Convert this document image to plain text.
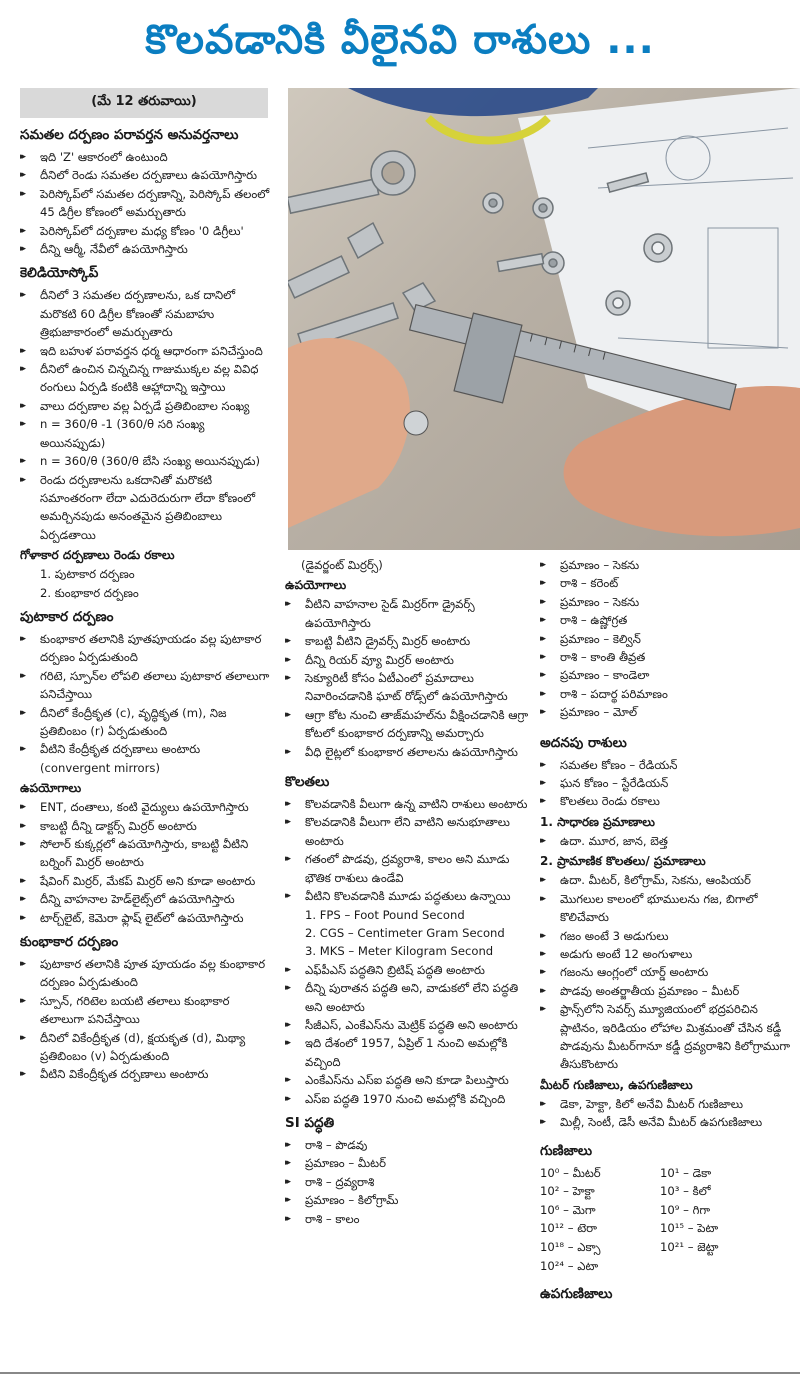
కొలవడానికి వీలైనవి రాశులు ...
(మే 12 తరువాయి)
సమతల దర్పణం పరావర్తన అనువర్తనాలు
▸▸ ఇది 'Z' ఆకారంలో ఉంటుంది
▸▸ దీనిలో రెండు సమతల దర్పణాలు ఉపయోగిస్తారు
▸▸ పెరిస్కోప్‌లో సమతల దర్పణాన్ని, పెరిస్కోప్ తలంలో 45 డిగ్రీల కోణంలో అమర్చుతారు
▸▸ పెరిస్కోప్‌లో దర్పణాల మధ్య కోణం '0 డిగ్రీలు'
▸▸ దీన్ని ఆర్మీ, నేవీలో ఉపయోగిస్తారు
కెలిడియోస్కోప్
▸▸ దీనిలో 3 సమతల దర్పణాలను, ఒక దానిలో మరొకటి 60 డిగ్రీల కోణంతో సమబాహు త్రిభుజాకారంలో అమర్చుతారు
▸▸ ఇది బహుళ పరావర్తన ధర్మ ఆధారంగా పనిచేస్తుంది
▸▸ దీనిలో ఉంచిన చిన్నచిన్న గాజుముక్కల వల్ల వివిధ రంగులు ఏర్పడి కంటికి ఆహ్లాదాన్ని ఇస్తాయి
▸▸ వాలు దర్పణాల వల్ల ఏర్పడే ప్రతిబింబాల సంఖ్య
▸▸ n = 360/θ -1 (360/θ సరి సంఖ్య అయినప్పుడు)
▸▸ n = 360/θ (360/θ బేసి సంఖ్య అయినప్పుడు)
▸▸ రెండు దర్పణాలను ఒకదానితో మరొకటి సమాంతరంగా లేదా ఎదురెదురుగా లేదా కోణంలో అమర్చినపుడు అనంతమైన ప్రతిబింబాలు ఏర్పడతాయి
గోళాకార దర్పణాలు రెండు రకాలు
1. పుటాకార దర్పణం
2. కుంభాకార దర్పణం
పుటాకార దర్పణం
▸▸ కుంభాకార తలానికి పూతపూయడం వల్ల పుటాకార దర్పణం ఏర్పడుతుంది
▸▸ గరిటె, స్పూన్‌ల లోపలి తలాలు పుటాకార తలాలుగా పనిచేస్తాయి
▸▸ దీనిలో కేంద్రీకృత (c), వృద్ధికృత (m), నిజ ప్రతిబింబం (r) ఏర్పడుతుంది
▸▸ వీటిని కేంద్రీకృత దర్పణాలు అంటారు (convergent mirrors)
ఉపయోగాలు
▸▸ ENT, దంతాలు, కంటి వైద్యులు ఉపయోగిస్తారు
▸▸ కాబట్టి దీన్ని డాక్టర్స్ మిర్రర్ అంటారు
▸▸ సోలార్ కుక్కర్లలో ఉపయోగిస్తారు, కాబట్టి వీటిని బర్నింగ్ మిర్రర్ అంటారు
▸▸ షేవింగ్ మిర్రర్, మేకప్ మిర్రర్ అని కూడా అంటారు
▸▸ దీన్ని వాహనాల హెడ్‌లైట్స్‌లో ఉపయోగిస్తారు
▸▸ టార్చ్‌లైట్, కెమెరా ఫ్లాష్ లైట్‌లో ఉపయోగిస్తారు
కుంభాకార దర్పణం
▸▸ పుటాకార తలానికి పూత పూయడం వల్ల కుంభాకార దర్పణం ఏర్పడుతుంది
▸▸ స్పూన్, గరిటెల బయటి తలాలు కుంభాకార తలాలుగా పనిచేస్తాయి
▸▸ దీనిలో వికేంద్రీకృత (d), క్షయకృత (d), మిథ్యా ప్రతిబింబం (v) ఏర్పడుతుంది
▸▸ వీటిని వికేంద్రీకృత దర్పణాలు అంటారు
(డైవర్జంట్ మిర్రర్స్)
ఉపయోగాలు
▸▸ వీటిని వాహనాల సైడ్ మిర్రర్‌గా డ్రైవర్స్ ఉపయోగిస్తారు
▸▸ కాబట్టి వీటిని డ్రైవర్స్ మిర్రర్ అంటారు
▸▸ దీన్ని రియర్ వ్యూ మిర్రర్ అంటారు
▸▸ సెక్యూరిటీ కోసం ఏటీఎంలో ప్రమాదాలు నివారించడానికి ఘాట్ రోడ్స్‌లో ఉపయోగిస్తారు
▸▸ ఆగ్రా కోట నుంచి తాజ్‌మహల్‌ను వీక్షించడానికి ఆగ్రా కోటలో కుంభాకార దర్పణాన్ని అమర్చారు
▸▸ వీధి లైట్లలో కుంభాకార తలాలను ఉపయోగిస్తారు
కొలతలు
▸▸ కొలవడానికి వీలుగా ఉన్న వాటిని రాశులు అంటారు
▸▸ కొలవడానికి వీలుగా లేని వాటిని అనుభూతాలు అంటారు
▸▸ గతంలో పొడవు, ద్రవ్యరాశి, కాలం అని మూడు భౌతిక రాశులు ఉండేవి
▸▸ వీటిని కొలవడానికి మూడు పద్ధతులు ఉన్నాయి
1. FPS – Foot Pound Second
2. CGS – Centimeter Gram Second
3. MKS – Meter Kilogram Second
▸▸ ఎఫ్‌పీఎస్ పద్ధతిని బ్రిటిష్ పద్ధతి అంటారు
▸▸ దీన్ని పురాతన పద్ధతి అని, వాడుకలో లేని పద్ధతి అని అంటారు
▸▸ సీజీఎస్, ఎంకేఎస్‌ను మెట్రిక్ పద్ధతి అని అంటారు
▸▸ ఇది దేశంలో 1957, ఏప్రిల్ 1 నుంచి అమల్లోకి వచ్చింది
▸▸ ఎంకేఎస్‌ను ఎస్ఐ పద్ధతి అని కూడా పిలుస్తారు
▸▸ ఎస్ఐ పద్ధతి 1970 నుంచి అమల్లోకి వచ్చింది
SI పద్ధతి
▸▸ రాశి – పొడవు
▸▸ ప్రమాణం – మీటర్
▸▸ రాశి – ద్రవ్యరాశి
▸▸ ప్రమాణం – కిలోగ్రామ్
▸▸ రాశి – కాలం
▸▸ ప్రమాణం – సెకను
▸▸ రాశి – కరెంట్
▸▸ ప్రమాణం – సెకను
▸▸ రాశి – ఉష్ణోగ్రత
▸▸ ప్రమాణం – కెల్విన్
▸▸ రాశి – కాంతి తీవ్రత
▸▸ ప్రమాణం – కాండెలా
▸▸ రాశి – పదార్థ పరిమాణం
▸▸ ప్రమాణం – మోల్
అదనపు రాశులు
▸▸ సమతల కోణం – రేడియన్
▸▸ ఘన కోణం – స్టేరేడియన్
▸▸ కొలతలు రెండు రకాలు
1. సాధారణ ప్రమాణాలు
▸▸ ఉదా. మూర, జాన, బెత్త
2. ప్రామాణిక కొలతలు/ ప్రమాణాలు
▸▸ ఉదా. మీటర్, కిలోగ్రామ్, సెకను, ఆంపియర్
▸▸ మొగలుల కాలంలో భూములను గజ, బిగాలో కొలిచేవారు
▸▸ గజం అంటే 3 అడుగులు
▸▸ అడుగు అంటే 12 అంగుళాలు
▸▸ గజంను ఆంగ్లంలో యార్డ్ అంటారు
▸▸ పొడవు అంతర్జాతీయ ప్రమాణం – మీటర్
▸▸ ఫ్రాన్స్‌లోని సెవర్స్ మ్యూజియంలో భద్రపరిచిన ప్లాటినం, ఇరిడియం లోహాల మిశ్రమంతో చేసిన కడ్డీ పొడవును మీటర్‌గానూ కడ్డీ ద్రవ్యరాశిని కిలోగ్రాముగా తీసుకొంటారు
మీటర్ గుణిజాలు, ఉపగుణిజాలు
▸▸ డెకా, హెక్టా, కిలో అనేవి మీటర్ గుణిజాలు
▸▸ మిల్లీ, సెంటీ, డెసీ అనేవి మీటర్ ఉపగుణిజాలు
గుణిజాలు
10⁰ – మీటర్	10¹ – డెకా
10² – హెక్టా	10³ – కిలో
10⁶ – మెగా	10⁹ – గిగా
10¹² – టెరా	10¹⁵ – పెటా
10¹⁸ – ఎక్సా	10²¹ – జెట్టా
10²⁴ – ఎటా
ఉపగుణిజాలు
